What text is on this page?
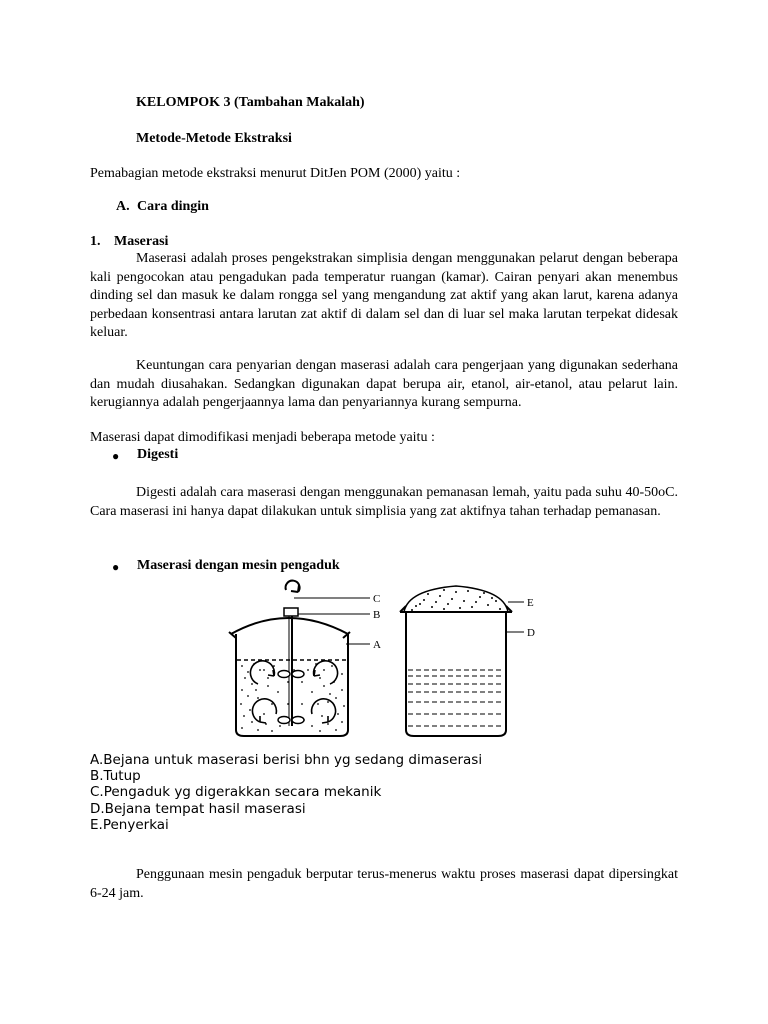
KELOMPOK 3 (Tambahan Makalah)
Metode-Metode Ekstraksi
Pemabagian metode ekstraksi menurut DitJen POM (2000) yaitu :
A. Cara dingin
1. Maserasi

Maserasi adalah proses pengekstrakan simplisia dengan menggunakan pelarut dengan beberapa kali pengocokan atau pengadukan pada temperatur ruangan (kamar). Cairan penyari akan menembus dinding sel dan masuk ke dalam rongga sel yang mengandung zat aktif yang akan larut, karena adanya perbedaan konsentrasi antara larutan zat aktif di dalam sel dan di luar sel maka larutan terpekat didesak keluar.

Keuntungan cara penyarian dengan maserasi adalah cara pengerjaan yang digunakan sederhana dan mudah diusahakan. Sedangkan digunakan dapat berupa air, etanol, air-etanol, atau pelarut lain. kerugiannya adalah pengerjaannya lama dan penyariannya kurang sempurna.

Maserasi dapat dimodifikasi menjadi beberapa metode yaitu :
● Digesti

Digesti adalah cara maserasi dengan menggunakan pemanasan lemah, yaitu pada suhu 40-50oC. Cara maserasi ini hanya dapat dilakukan untuk simplisia yang zat aktifnya tahan terhadap pemanasan.

● Maserasi dengan mesin pengaduk
C
B
A
E
D
A.Bejana untuk maserasi berisi bhn yg sedang dimaserasi
B.Tutup
C.Pengaduk yg digerakkan secara mekanik
D.Bejana tempat hasil maserasi
E.Penyerkai

Penggunaan mesin pengaduk berputar terus-menerus waktu proses maserasi dapat dipersingkat 6-24 jam.
